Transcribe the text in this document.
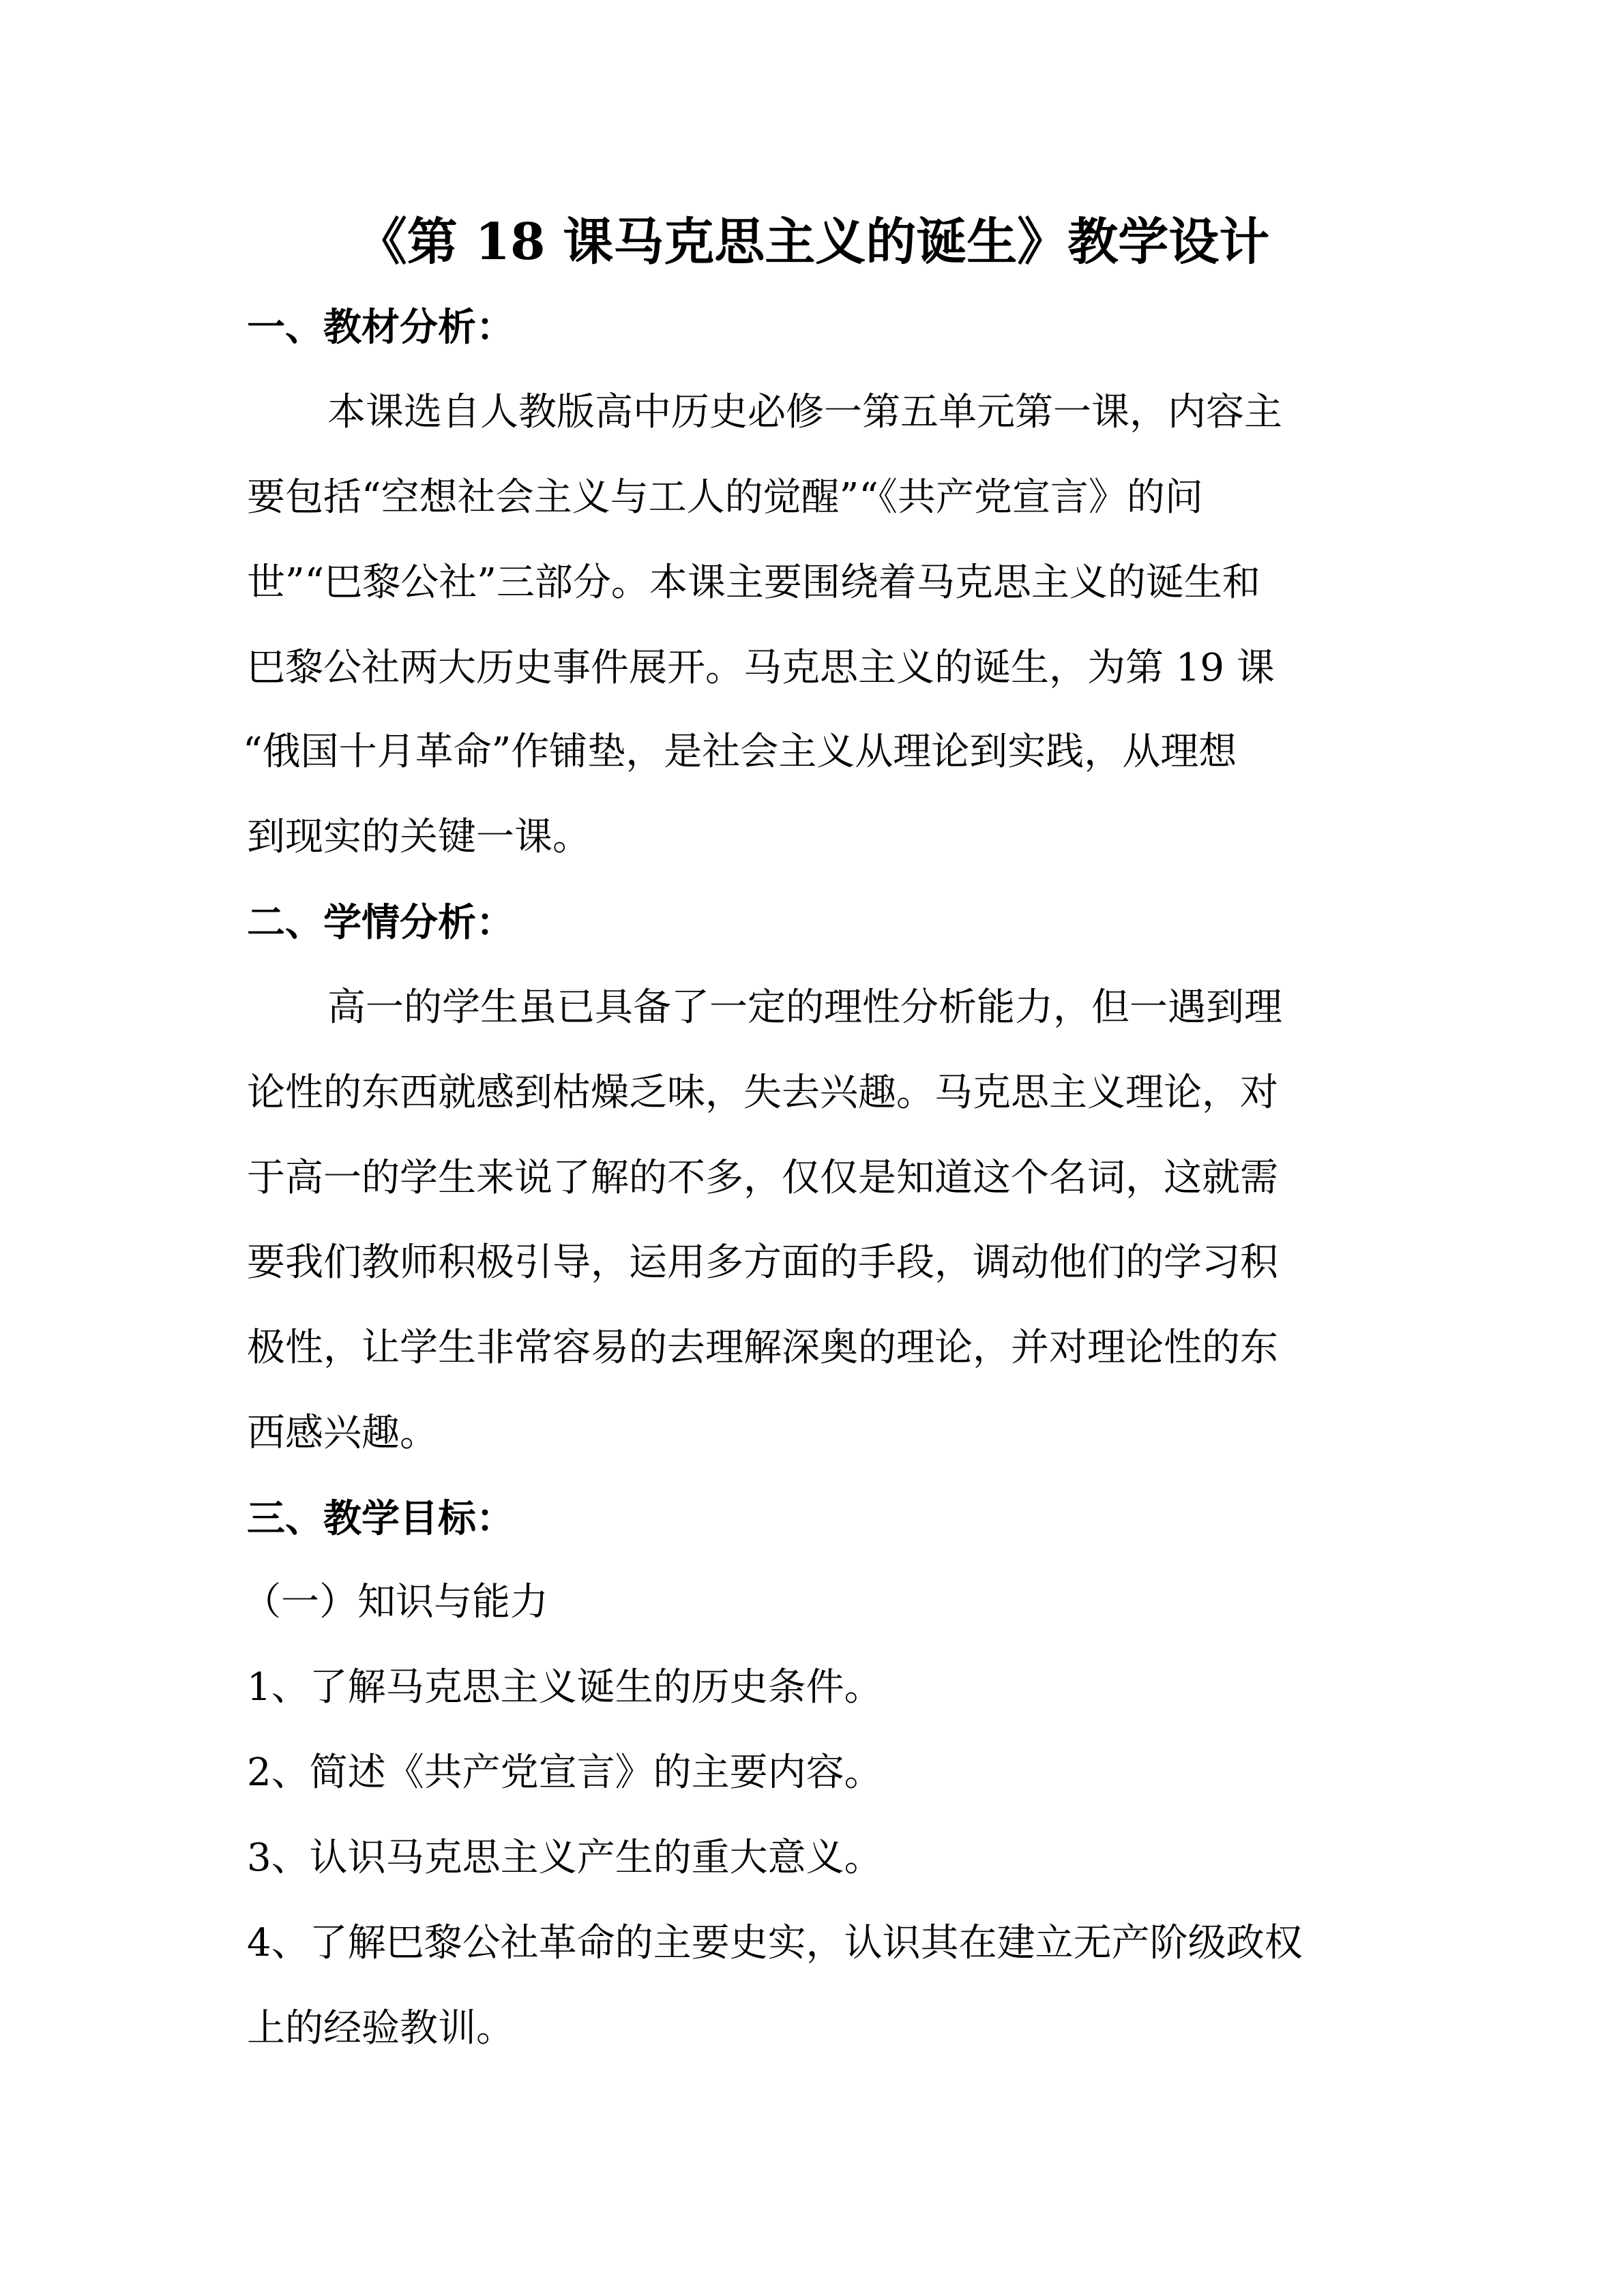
《第 18 课马克思主义的诞生》教学设计
一、教材分析：
本课选自人教版高中历史必修一第五单元第一课，内容主
要包括“空想社会主义与工人的觉醒”“《共产党宣言》的问
世”“巴黎公社”三部分。本课主要围绕着马克思主义的诞生和
巴黎公社两大历史事件展开。马克思主义的诞生，为第 19 课
“俄国十月革命”作铺垫，是社会主义从理论到实践，从理想
到现实的关键一课。
二、学情分析：
高一的学生虽已具备了一定的理性分析能力，但一遇到理
论性的东西就感到枯燥乏味，失去兴趣。马克思主义理论，对
于高一的学生来说了解的不多，仅仅是知道这个名词，这就需
要我们教师积极引导，运用多方面的手段，调动他们的学习积
极性，让学生非常容易的去理解深奥的理论，并对理论性的东
西感兴趣。
三、教学目标：
（一）知识与能力
1、了解马克思主义诞生的历史条件。
2、简述《共产党宣言》的主要内容。
3、认识马克思主义产生的重大意义。
4、了解巴黎公社革命的主要史实，认识其在建立无产阶级政权
上的经验教训。
